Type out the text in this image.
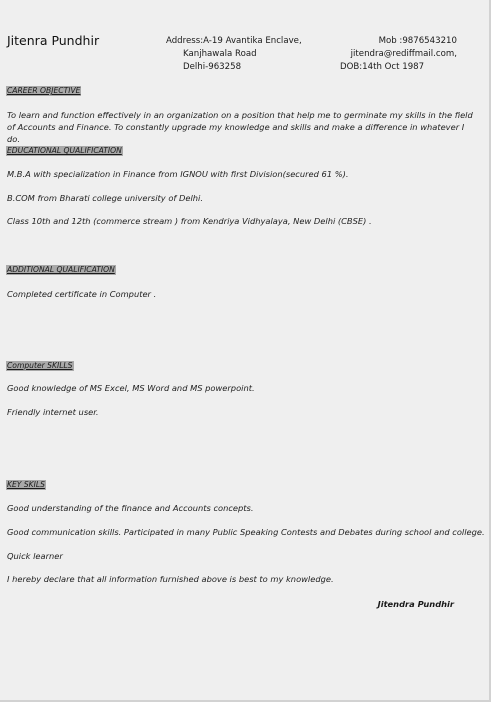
Jitenra Pundhir	Address:A-19 Avantika Enclave,
Kanjhawala Road
Delhi-963258
Mob :9876543210
jitendra@rediffmail.com,
DOB:14th Oct 1987
CAREER OBJECTIVE
To learn and function effectively in an organization on a position that help me to germinate my skills in the field of Accounts and Finance. To constantly upgrade my knowledge and skills and make a difference in whatever I do.
EDUCATIONAL QUALIFICATION
M.B.A with specialization in Finance from IGNOU with first Division(secured 61 %).
B.COM from Bharati college university of Delhi.
Class 10th and 12th (commerce stream ) from Kendriya Vidhyalaya, New Delhi (CBSE) .
ADDITIONAL QUALIFICATION
Completed certificate in Computer .
Computer SKILLS
Good knowledge of MS Excel, MS Word and MS powerpoint.
Friendly internet user.
KEY SKILS
Good understanding of the finance and Accounts concepts.
Good communication skills. Participated in many Public Speaking Contests and Debates during school and college.
Quick learner
I hereby declare that all information furnished above is best to my knowledge.
Jitendra Pundhir
